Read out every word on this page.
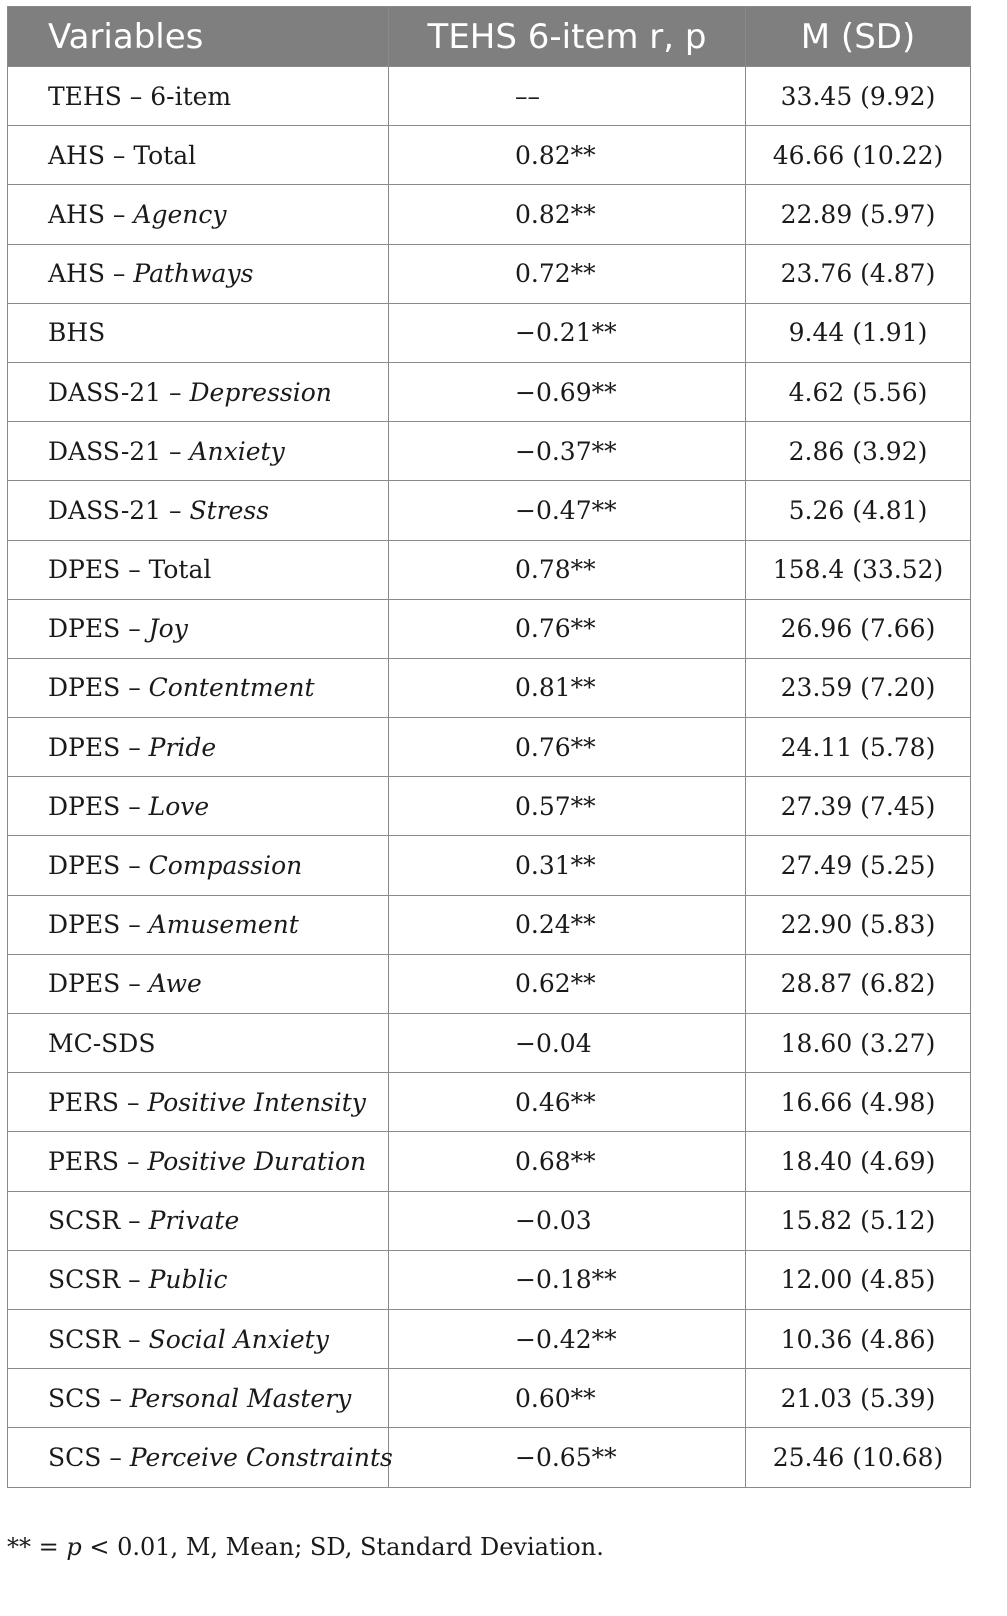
Variables	TEHS 6-item r, p	M (SD)
TEHS – 6-item	––	33.45 (9.92)
AHS – Total	0.82**	46.66 (10.22)
AHS – Agency	0.82**	22.89 (5.97)
AHS – Pathways	0.72**	23.76 (4.87)
BHS	−0.21**	9.44 (1.91)
DASS-21 – Depression	−0.69**	4.62 (5.56)
DASS-21 – Anxiety	−0.37**	2.86 (3.92)
DASS-21 – Stress	−0.47**	5.26 (4.81)
DPES – Total	0.78**	158.4 (33.52)
DPES – Joy	0.76**	26.96 (7.66)
DPES – Contentment	0.81**	23.59 (7.20)
DPES – Pride	0.76**	24.11 (5.78)
DPES – Love	0.57**	27.39 (7.45)
DPES – Compassion	0.31**	27.49 (5.25)
DPES – Amusement	0.24**	22.90 (5.83)
DPES – Awe	0.62**	28.87 (6.82)
MC-SDS	−0.04	18.60 (3.27)
PERS – Positive Intensity	0.46**	16.66 (4.98)
PERS – Positive Duration	0.68**	18.40 (4.69)
SCSR – Private	−0.03	15.82 (5.12)
SCSR – Public	−0.18**	12.00 (4.85)
SCSR – Social Anxiety	−0.42**	10.36 (4.86)
SCS – Personal Mastery	0.60**	21.03 (5.39)
SCS – Perceive Constraints	−0.65**	25.46 (10.68)
** = p < 0.01, M, Mean; SD, Standard Deviation.
